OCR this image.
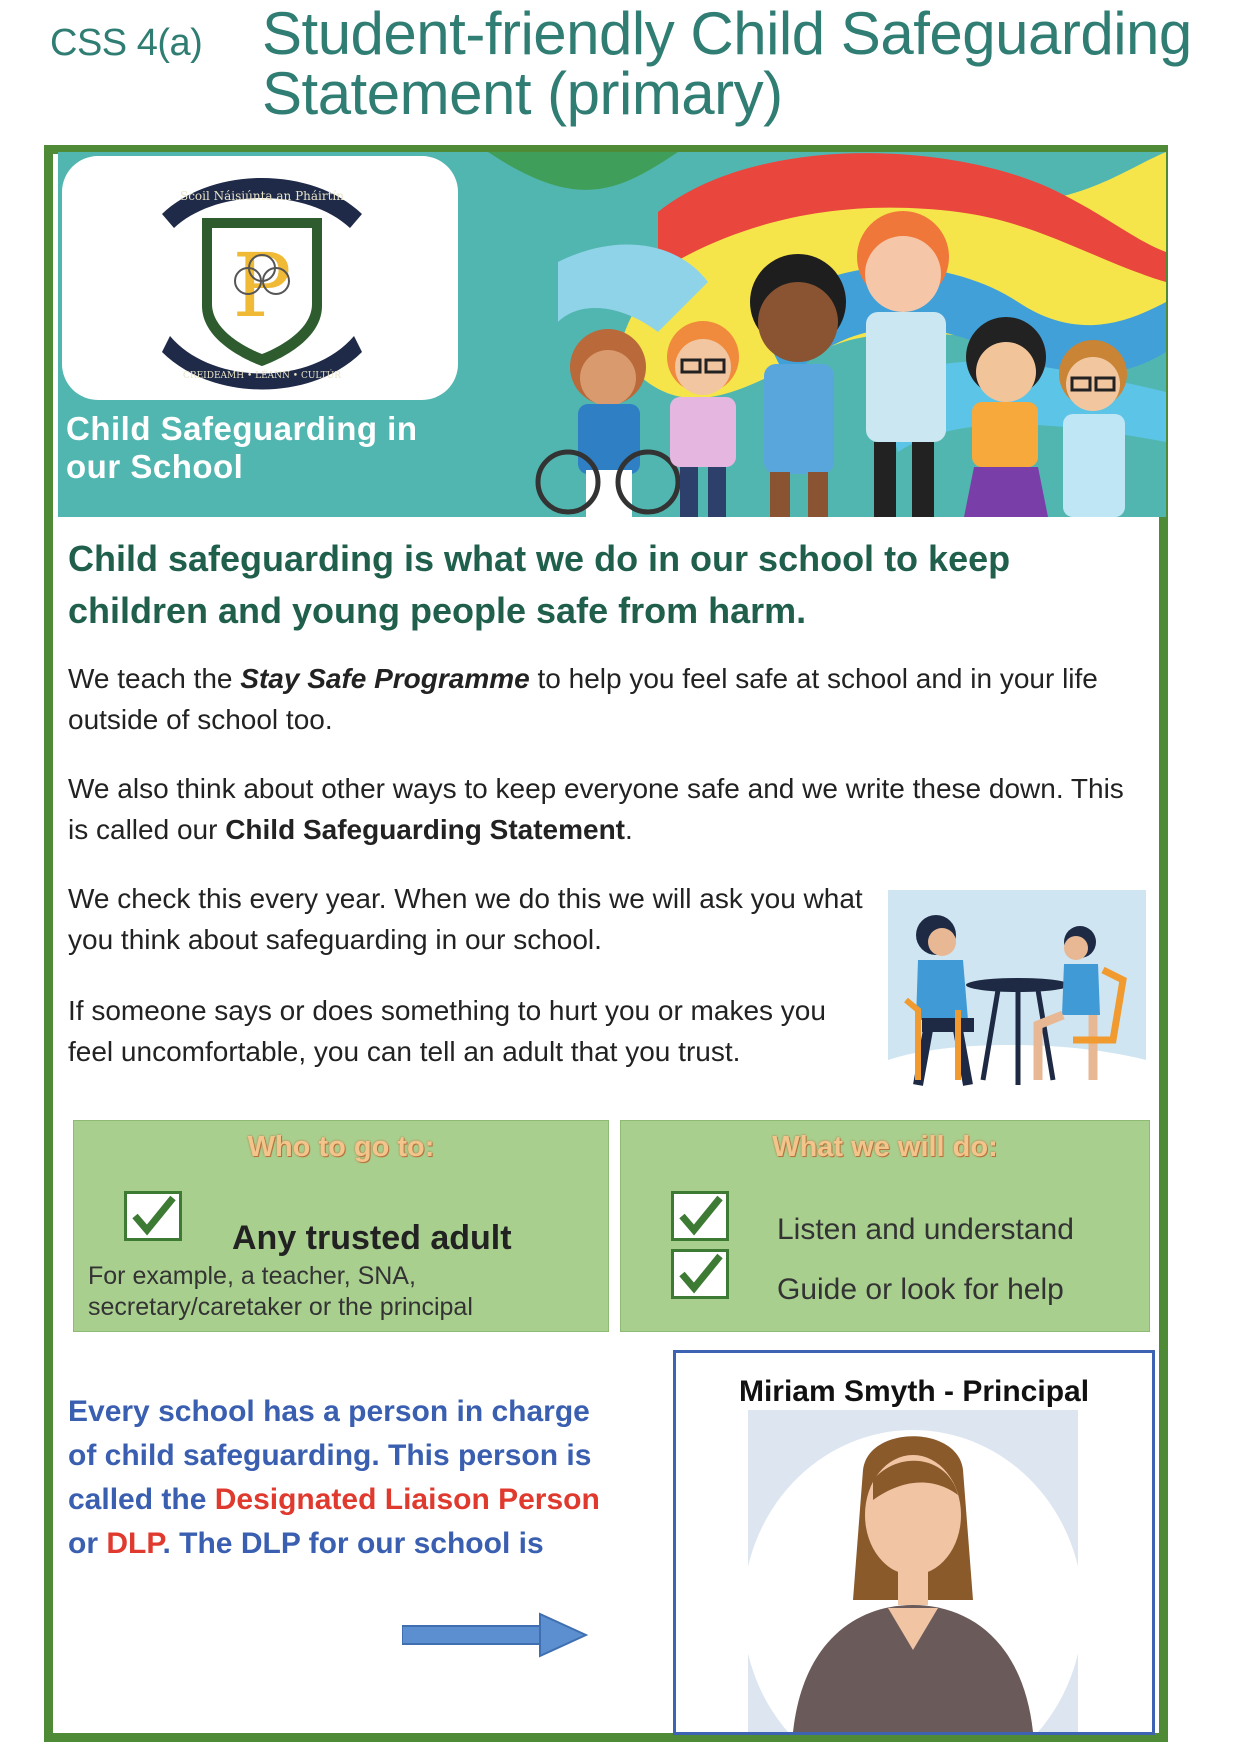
CSS 4(a) Student-friendly Child Safeguarding Statement (primary)
Scoil Náisiúnta an Pháirtín
P
CREIDEAMH • LÉANN • CULTÚR
Child Safeguarding in
our School
Child safeguarding is what we do in our school to keep
children and young people safe from harm.
We teach the Stay Safe Programme to help you feel safe at school and in your life outside of school too.
We also think about other ways to keep everyone safe and we write these down. This is called our Child Safeguarding Statement.
We check this every year. When we do this we will ask you what you think about safeguarding in our school.
If someone says or does something to hurt you or makes you feel uncomfortable, you can tell an adult that you trust.
Who to go to:
Any trusted adult
For example, a teacher, SNA,
secretary/caretaker or the principal
What we will do:
Listen and understand
Guide or look for help
Every school has a person in charge of child safeguarding. This person is called the Designated Liaison Person or DLP. The DLP for our school is
Miriam Smyth - Principal
